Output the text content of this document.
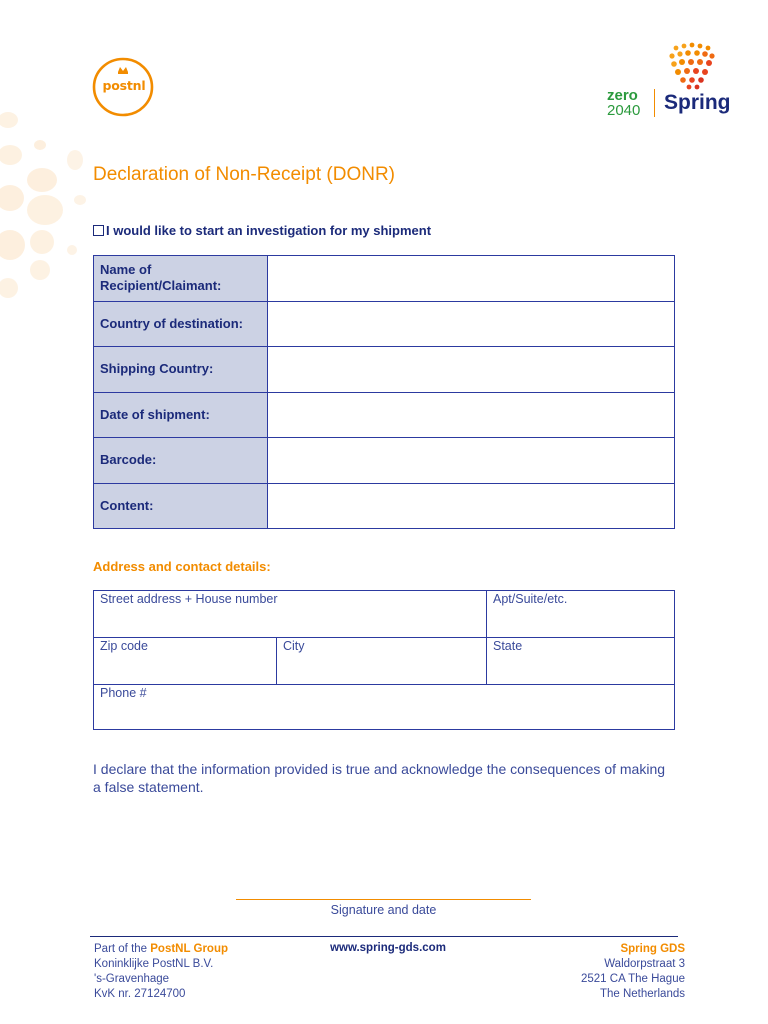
postnl
zero
2040 Spring
Declaration of Non-Receipt (DONR)
I would like to start an investigation for my shipment
Name of Recipient/Claimant:	
Country of destination:	
Shipping Country:	
Date of shipment:	
Barcode:	
Content:	
Address and contact details:
Street address + House number	Apt/Suite/etc.
Zip code	City	State
Phone #

I declare that the information provided is true and acknowledge the consequences of making a false statement.

Signature and date
Part of the PostNL Group
Koninklijke PostNL B.V.
's-Gravenhage
KvK nr. 27124700
www.spring-gds.com	Spring GDS
Waldorpstraat 3
2521 CA The Hague
The Netherlands
